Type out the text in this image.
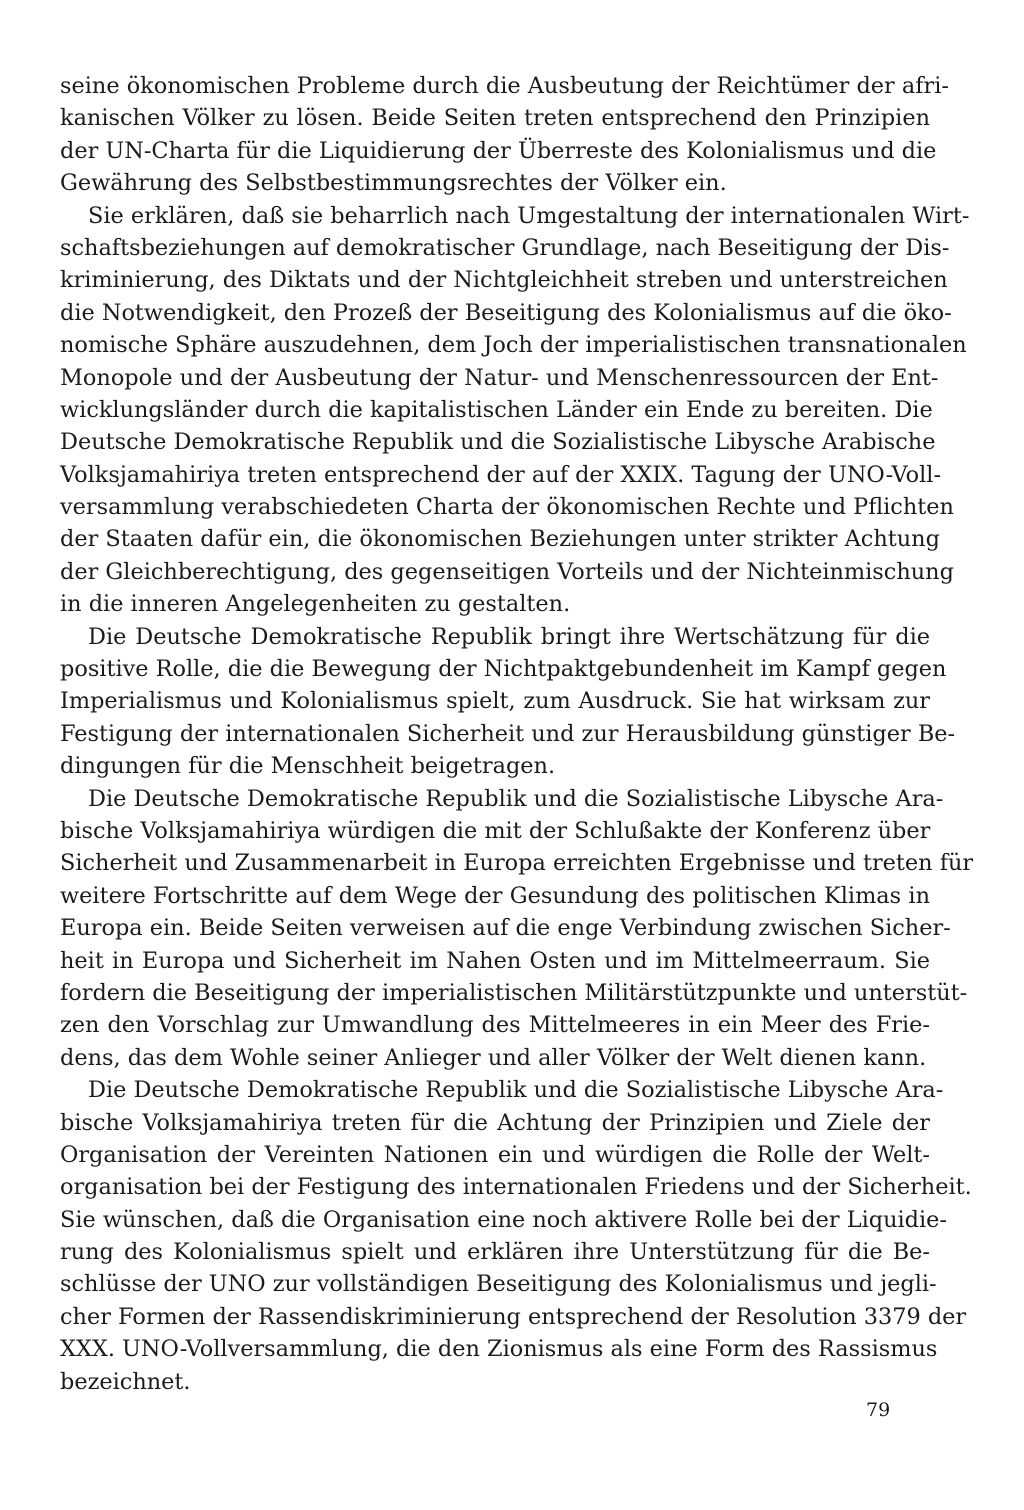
seine ökonomischen Probleme durch die Ausbeutung der Reichtümer der afri-
kanischen Völker zu lösen. Beide Seiten treten entsprechend den Prinzipien
der UN-Charta für die Liquidierung der Überreste des Kolonialismus und die
Gewährung des Selbstbestimmungsrechtes der Völker ein.
Sie erklären, daß sie beharrlich nach Umgestaltung der internationalen Wirt-
schaftsbeziehungen auf demokratischer Grundlage, nach Beseitigung der Dis-
kriminierung, des Diktats und der Nichtgleichheit streben und unterstreichen
die Notwendigkeit, den Prozeß der Beseitigung des Kolonialismus auf die öko-
nomische Sphäre auszudehnen, dem Joch der imperialistischen transnationalen
Monopole und der Ausbeutung der Natur- und Menschenressourcen der Ent-
wicklungsländer durch die kapitalistischen Länder ein Ende zu bereiten. Die
Deutsche Demokratische Republik und die Sozialistische Libysche Arabische
Volksjamahiriya treten entsprechend der auf der XXIX. Tagung der UNO-Voll-
versammlung verabschiedeten Charta der ökonomischen Rechte und Pflichten
der Staaten dafür ein, die ökonomischen Beziehungen unter strikter Achtung
der Gleichberechtigung, des gegenseitigen Vorteils und der Nichteinmischung
in die inneren Angelegenheiten zu gestalten.
Die Deutsche Demokratische Republik bringt ihre Wertschätzung für die
positive Rolle, die die Bewegung der Nichtpaktgebundenheit im Kampf gegen
Imperialismus und Kolonialismus spielt, zum Ausdruck. Sie hat wirksam zur
Festigung der internationalen Sicherheit und zur Herausbildung günstiger Be-
dingungen für die Menschheit beigetragen.
Die Deutsche Demokratische Republik und die Sozialistische Libysche Ara-
bische Volksjamahiriya würdigen die mit der Schlußakte der Konferenz über
Sicherheit und Zusammenarbeit in Europa erreichten Ergebnisse und treten für
weitere Fortschritte auf dem Wege der Gesundung des politischen Klimas in
Europa ein. Beide Seiten verweisen auf die enge Verbindung zwischen Sicher-
heit in Europa und Sicherheit im Nahen Osten und im Mittelmeerraum. Sie
fordern die Beseitigung der imperialistischen Militärstützpunkte und unterstüt-
zen den Vorschlag zur Umwandlung des Mittelmeeres in ein Meer des Frie-
dens, das dem Wohle seiner Anlieger und aller Völker der Welt dienen kann.
Die Deutsche Demokratische Republik und die Sozialistische Libysche Ara-
bische Volksjamahiriya treten für die Achtung der Prinzipien und Ziele der
Organisation der Vereinten Nationen ein und würdigen die Rolle der Welt-
organisation bei der Festigung des internationalen Friedens und der Sicherheit.
Sie wünschen, daß die Organisation eine noch aktivere Rolle bei der Liquidie-
rung des Kolonialismus spielt und erklären ihre Unterstützung für die Be-
schlüsse der UNO zur vollständigen Beseitigung des Kolonialismus und jegli-
cher Formen der Rassendiskriminierung entsprechend der Resolution 3379 der
XXX. UNO-Vollversammlung, die den Zionismus als eine Form des Rassismus
bezeichnet.
79
